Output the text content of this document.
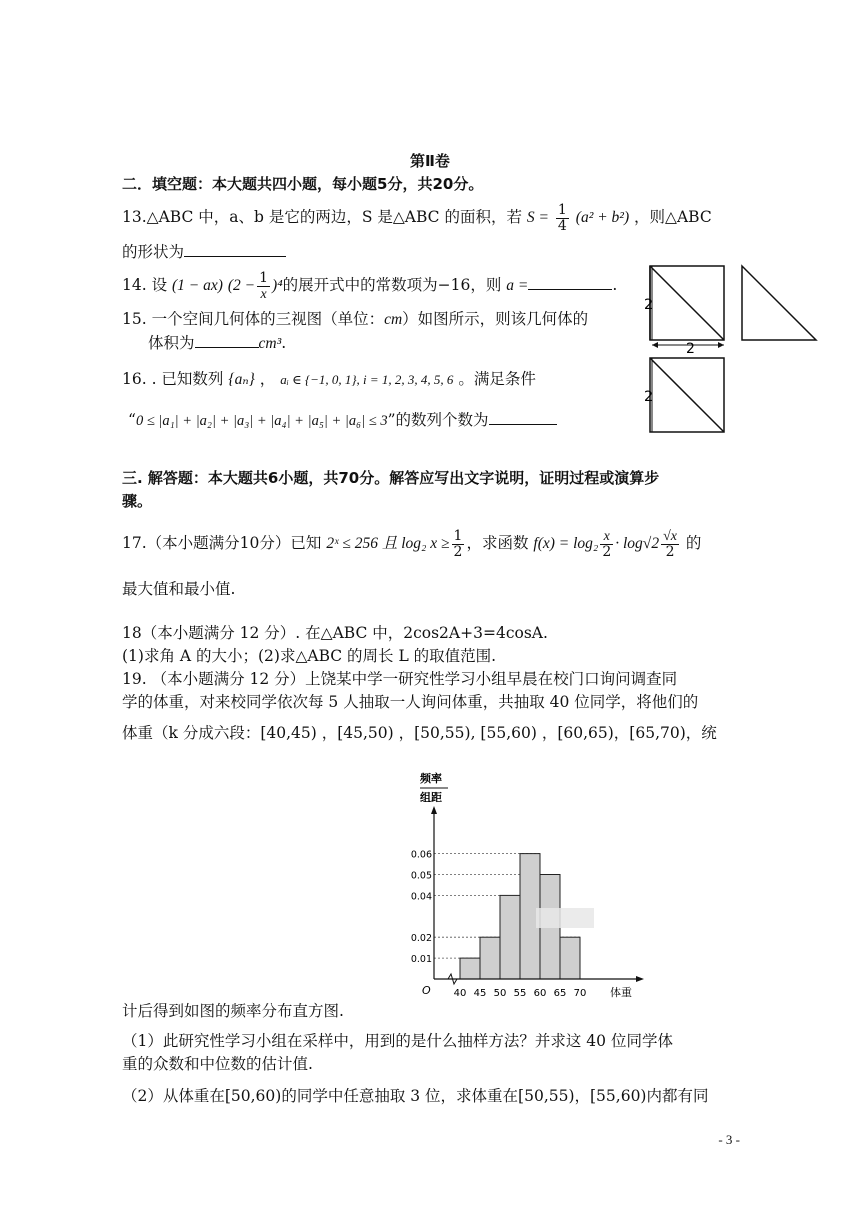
第Ⅱ卷
二．填空题：本大题共四小题，每小题5分，共20分。
13.△ABC 中，a、b 是它的两边，S 是△ABC 的面积，若 $S = \frac{1}{4} (a^2 + b^2)$ ，则△ABC
的形状为
14. 设 (1 − ax) $(2 - \frac{1}{x} )^4$的展开式中的常数项为−16，则 a =	.
15. 一个空间几何体的三视图（单位：cm）如图所示，则该几何体的
体积为	cm³.
16. . 已知数列 {aₙ} ， aᵢ ∈ {−1, 0, 1}, i = 1, 2, 3, 4, 5, 6 。满足条件
“0 ≤ |a₁| + |a₂| + |a₃| + |a₄| + |a₅| + |a₆| ≤ 3”的数列个数为
2
2
2
三. 解答题：本大题共6小题，共70分。解答应写出文字说明，证明过程或演算步
骤。
17.（本小题满分10分）已知 2ˣ ≤ 256 且 log₂ $x \ge \frac{1}{2}$ ，求函数 $f(x) = \log_2 \frac{x}{2} \cdot \log√2 \frac{√x}{2}$ 的
最大值和最小值.
18（本小题满分 12 分）. 在△ABC 中，2cos2A+3=4cosA.
(1)求角 A 的大小；(2)求△ABC 的周长 L 的取值范围.
19. （本小题满分 12 分）上饶某中学一研究性学习小组早晨在校门口询问调查同
学的体重，对来校同学依次每 5 人抽取一人询问体重，共抽取 40 位同学，将他们的
体重（k 分成六段：[40,45) ，[45,50) ，[50,55), [55,60) ，[60,65)，[65,70)，统
频率
组距
0.01
0.02
0.04
0.05
0.06
40 45 50 55 60 65 70
O	体重
计后得到如图的频率分布直方图.
（1）此研究性学习小组在采样中，用到的是什么抽样方法？并求这 40 位同学体
重的众数和中位数的估计值.
（2）从体重在[50,60)的同学中任意抽取 3 位，求体重在[50,55)，[55,60)内都有同
- 3 -
